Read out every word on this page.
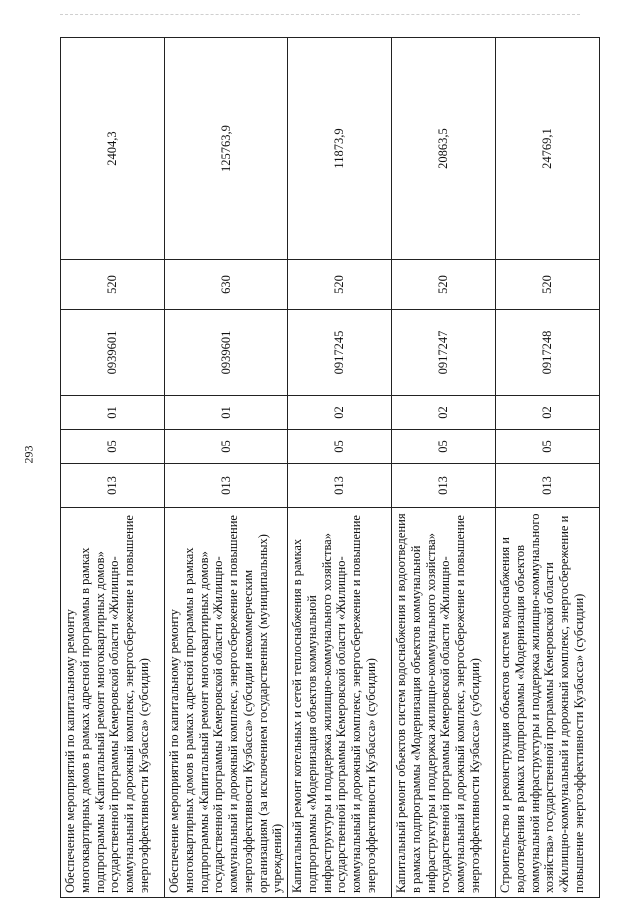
293
Обеспечение мероприятий по капитальному ремонту многоквартирных домов в рамках адресной программы в рамках подпрограммы «Капитальный ремонт многоквартирных домов» государственной программы Кемеровской области «Жилищно-коммунальный и дорожный комплекс, энергосбережение и повышение энергоэффективности Кузбасса» (субсидии)	013	05	01	0939601	520	2404,3
Обеспечение мероприятий по капитальному ремонту многоквартирных домов в рамках адресной программы в рамках подпрограммы «Капитальный ремонт многоквартирных домов» государственной программы Кемеровской области «Жилищно-коммунальный и дорожный комплекс, энергосбережение и повышение энергоэффективности Кузбасса» (субсидии некоммерческим организациям (за исключением государственных (муниципальных) учреждений)	013	05	01	0939601	630	125763,9
Капитальный ремонт котельных и сетей теплоснабжения в рамках подпрограммы «Модернизация объектов коммунальной инфраструктуры и поддержка жилищно-коммунального хозяйства» государственной программы Кемеровской области «Жилищно-коммунальный и дорожный комплекс, энергосбережение и повышение энергоэффективности Кузбасса» (субсидии)	013	05	02	0917245	520	11873,9
Капитальный ремонт объектов систем водоснабжения и водоотведения в рамках подпрограммы «Модернизация объектов коммунальной инфраструктуры и поддержка жилищно-коммунального хозяйства» государственной программы Кемеровской области «Жилищно-коммунальный и дорожный комплекс, энергосбережение и повышение энергоэффективности Кузбасса» (субсидии)	013	05	02	0917247	520	20863,5
Строительство и реконструкция объектов систем водоснабжения и водоотведения в рамках подпрограммы «Модернизация объектов коммунальной инфраструктуры и поддержка жилищно-коммунального хозяйства» государственной программы Кемеровской области «Жилищно-коммунальный и дорожный комплекс, энергосбережение и повышение энергоэффективности Кузбасса» (субсидии)	013	05	02	0917248	520	24769,1
